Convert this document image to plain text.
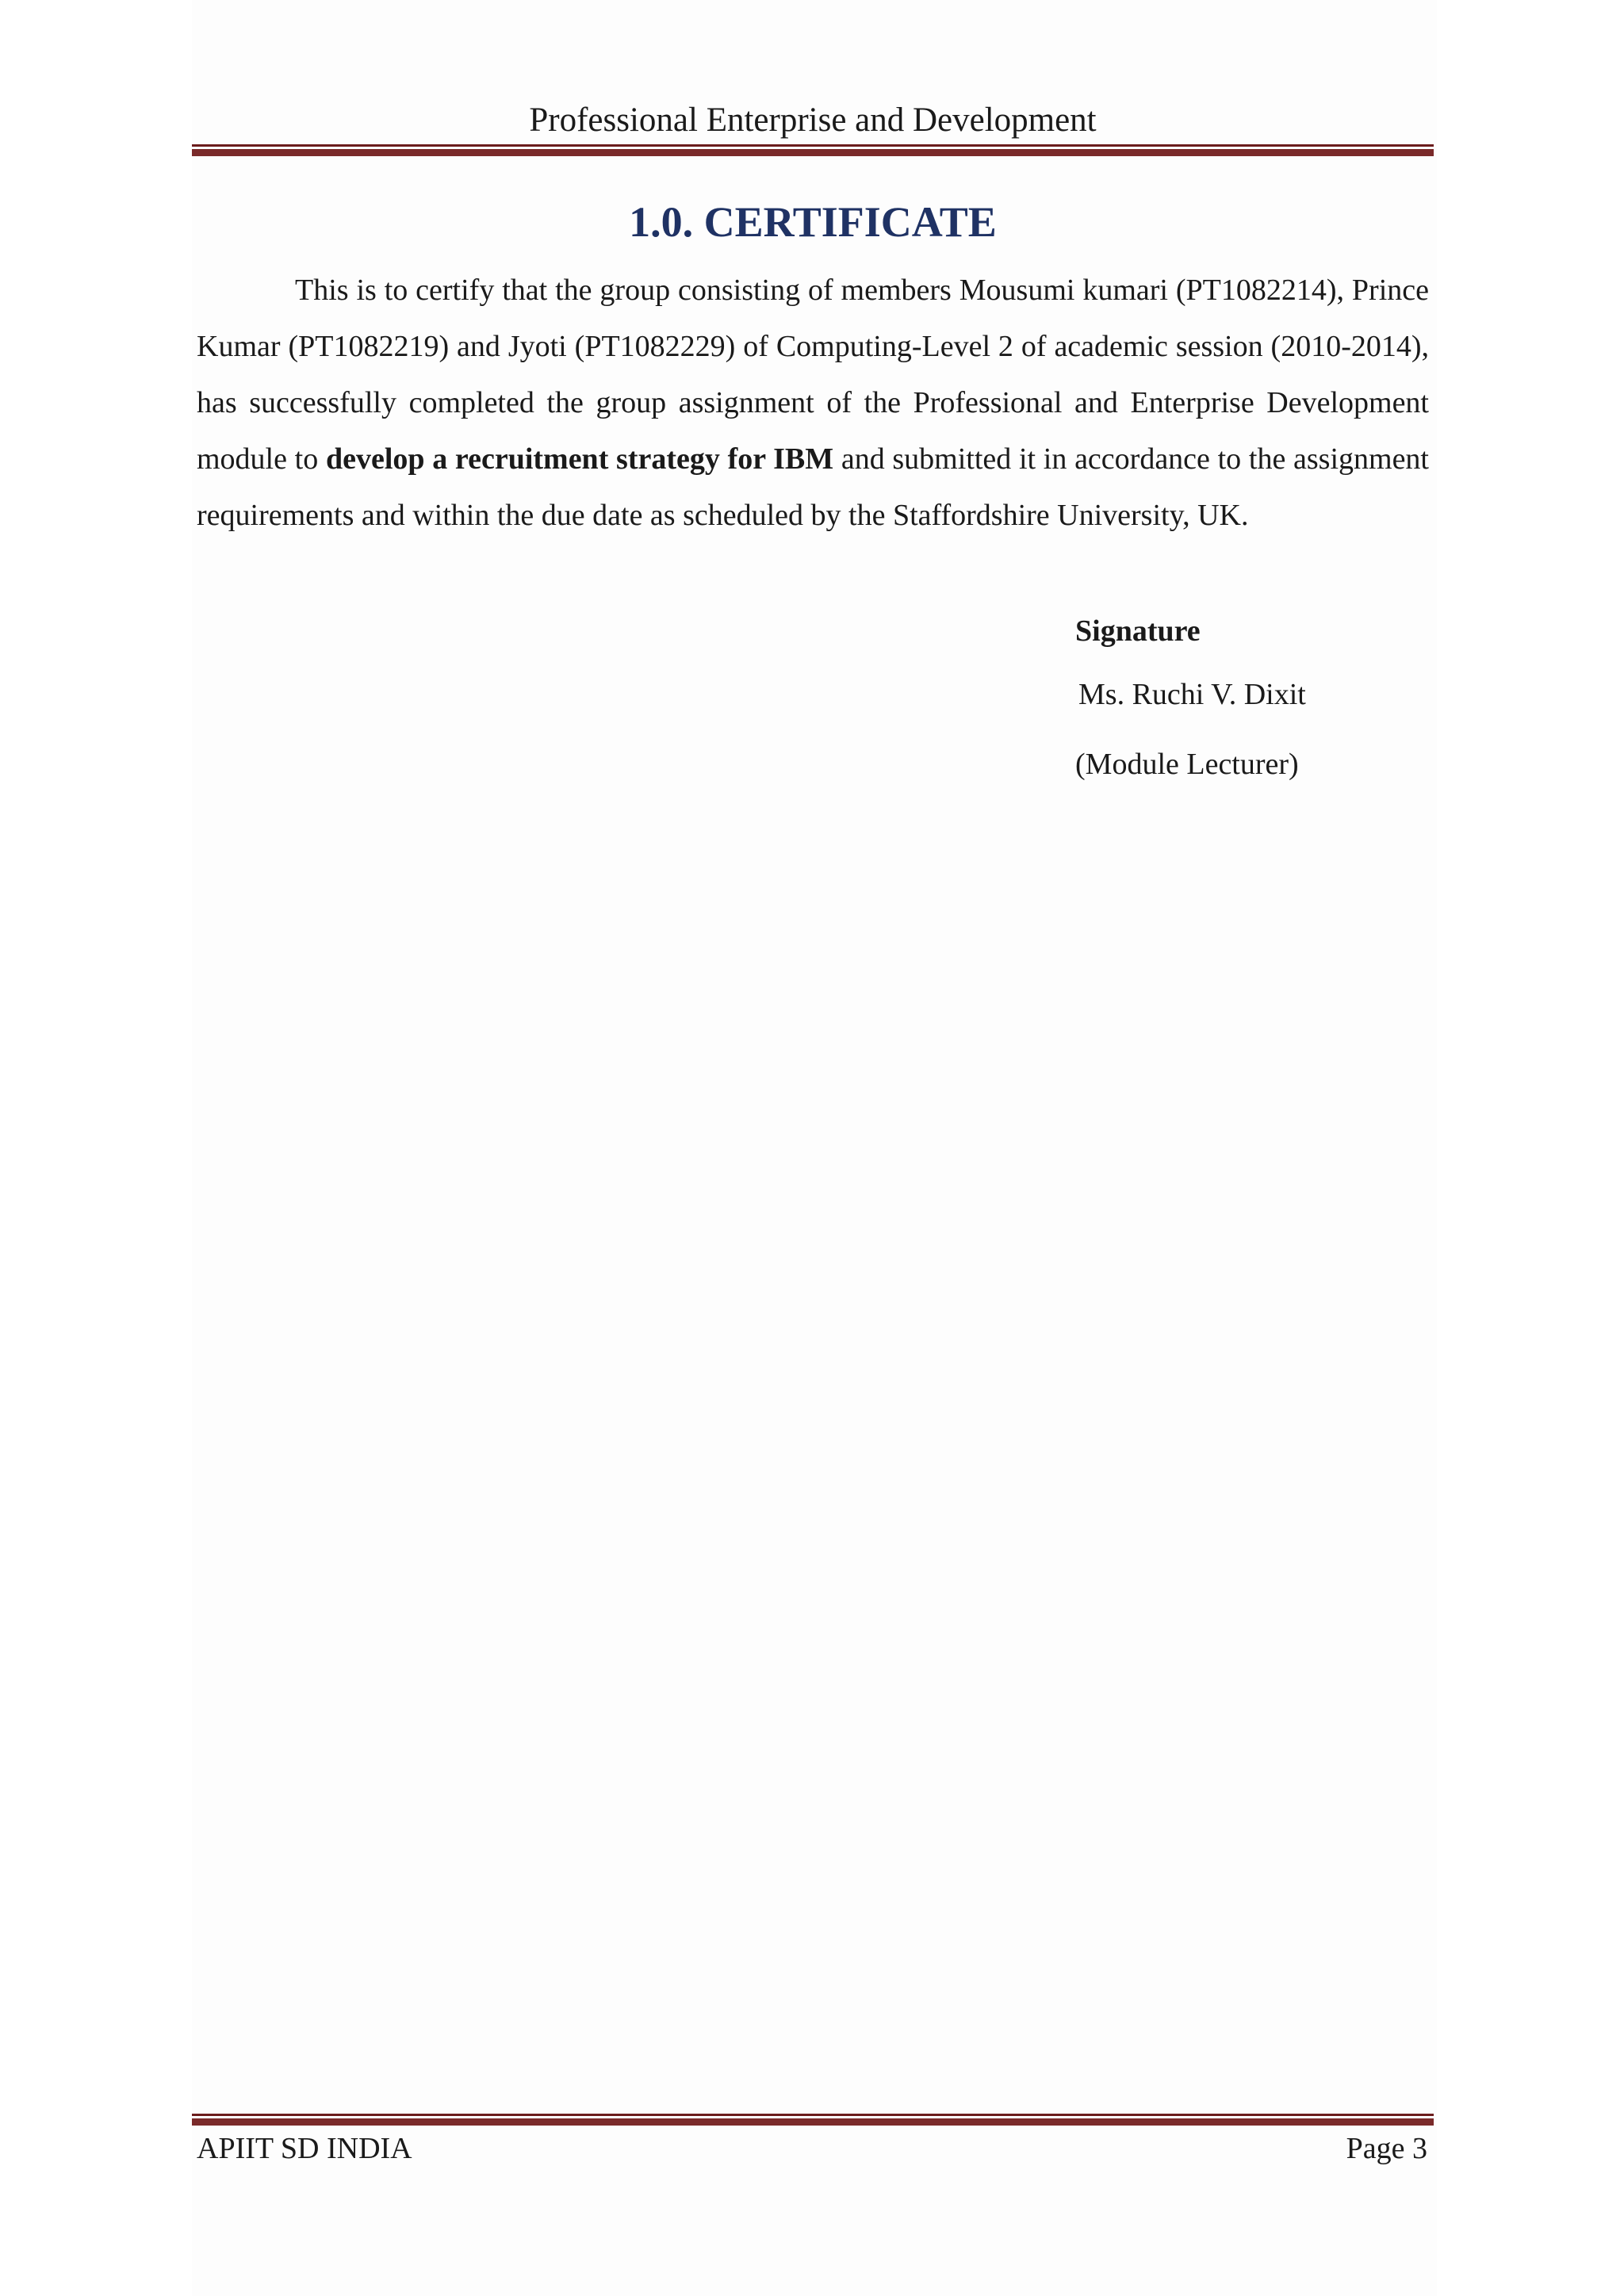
Professional Enterprise and Development
1.0. CERTIFICATE

This is to certify that the group consisting of members Mousumi kumari (PT1082214), Prince Kumar (PT1082219) and Jyoti (PT1082229) of Computing-Level 2 of academic session (2010-2014), has successfully completed the group assignment of the Professional and Enterprise Development module to develop a recruitment strategy for IBM and submitted it in accordance to the assignment requirements and within the due date as scheduled by the Staffordshire University, UK.

Signature
Ms. Ruchi V. Dixit
(Module Lecturer)
APIIT SD INDIA	Page 3
